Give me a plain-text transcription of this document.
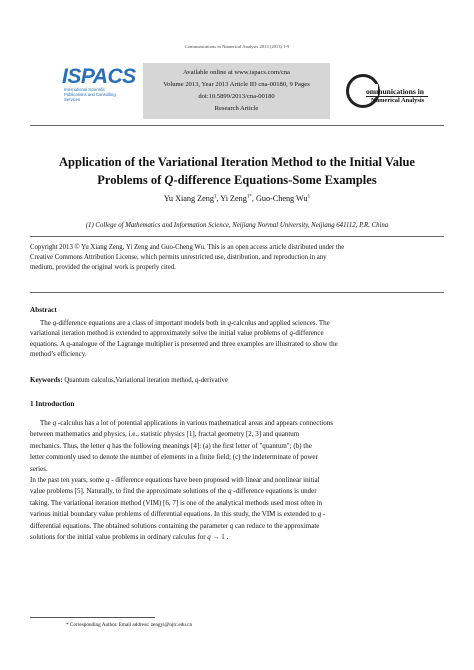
Communications in Numerical Analysis 2013 (2013) 1-9
ISPACS
International Scientific
Publications and Consulting Services
Available online at www.ispacs.com/cna
Volume 2013, Year 2013 Article ID cna-00180, 9 Pages
doi:10.5899/2013/cna-00180
Research Article
ommunications in
Numerical Analysis
Application of the Variational Iteration Method to the Initial Value
Problems of Q-difference Equations-Some Examples
Yu Xiang Zeng$^1$, Yi Zeng$^{1*}$, Guo-Cheng Wu$^1$
(1) College of Mathematics and Information Science, Neijiang Normal University, Neijiang 641112, P.R. China
Copyright 2013 © Yu Xiang Zeng, Yi Zeng and Guo-Cheng Wu. This is an open access article distributed under the
Creative Commons Attribution License, which permits unrestricted use, distribution, and reproduction in any
medium, provided the original work is properly cited.
Abstract

The q-difference equations are a class of important models both in q-calculus and applied sciences. The

variational iteration method is extended to approximately solve the initial value problems of q-difference

equations. A q-analogue of the Lagrange multiplier is presented and three examples are illustrated to show the

method’s efficiency.

Keywords: Quantum calculus,Variational iteration method, q-derivative
1 Introduction

The q -calculus has a lot of potential applications in various mathematical areas and appears connections

between mathematics and physics, i.e., statistic physics [1], fractal geometry [2, 3] and quantum

mechanics. Thus, the letter q has the following meanings [4]: (a) the first letter of "quantum"; (b) the

letter commonly used to denote the number of elements in a finite field; (c) the indeterminate of power

series.

In the past ten years, some q - difference equations have been proposed with linear and nonlinear initial

value problems [5]. Naturally, to find the approximate solutions of the q -difference equations is under

taking. The variational iteration method (VIM) [6, 7] is one of the analytical methods used most often in

various initial boundary value problems of differential equations. In this study, the VIM is extended to q -

differential equations. The obtained solutions containing the parameter q can reduce to the approximate

solutions for the initial value problems in ordinary calculus for q → 1 .

* Corresponding Author. Email address: zengyi@njtc.edu.cn
